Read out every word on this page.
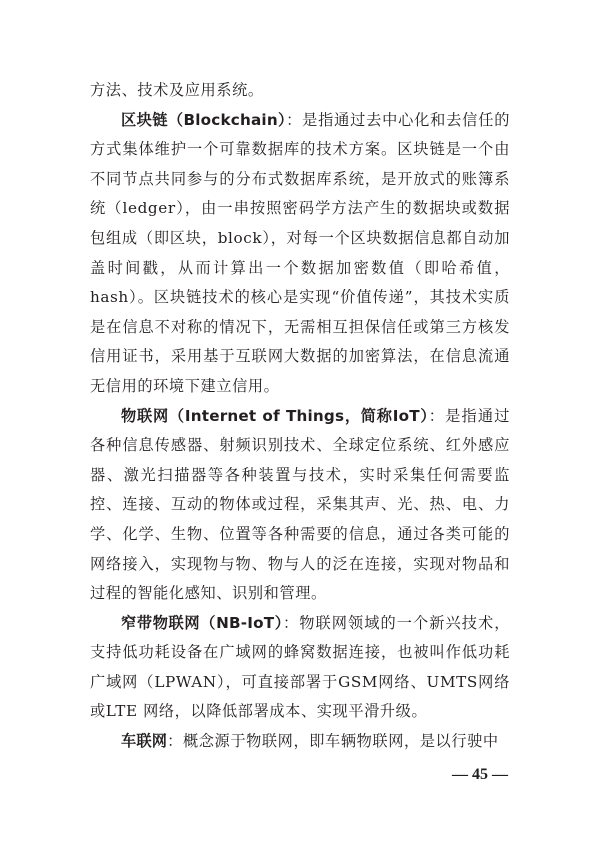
方法、技术及应用系统。

区块链（Blockchain）：是指通过去中心化和去信任的方式集体维护一个可靠数据库的技术方案。区块链是一个由不同节点共同参与的分布式数据库系统，是开放式的账簿系统（ledger），由一串按照密码学方法产生的数据块或数据包组成（即区块，block），对每一个区块数据信息都自动加盖时间戳，从而计算出一个数据加密数值（即哈希值，hash）。区块链技术的核心是实现“价值传递”，其技术实质是在信息不对称的情况下，无需相互担保信任或第三方核发信用证书，采用基于互联网大数据的加密算法，在信息流通无信用的环境下建立信用。

物联网（Internet of Things，简称IoT）：是指通过各种信息传感器、射频识别技术、全球定位系统、红外感应器、激光扫描器等各种装置与技术，实时采集任何需要监控、连接、互动的物体或过程，采集其声、光、热、电、力学、化学、生物、位置等各种需要的信息，通过各类可能的网络接入，实现物与物、物与人的泛在连接，实现对物品和过程的智能化感知、识别和管理。

窄带物联网（NB-IoT）：物联网领域的一个新兴技术，支持低功耗设备在广域网的蜂窝数据连接，也被叫作低功耗广域网（LPWAN），可直接部署于GSM网络、UMTS网络或LTE 网络，以降低部署成本、实现平滑升级。

车联网：概念源于物联网，即车辆物联网，是以行驶中

— 45 —
